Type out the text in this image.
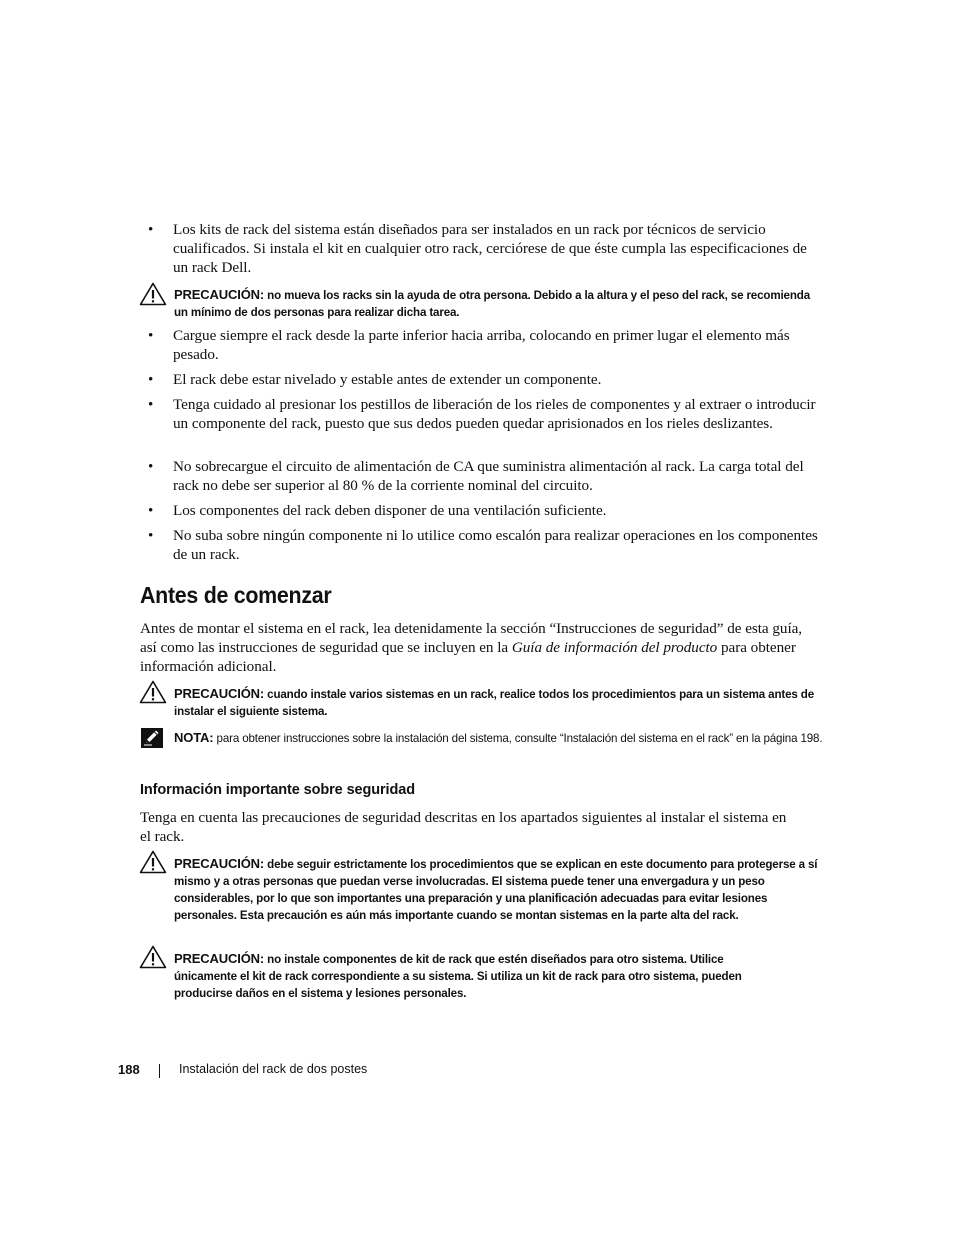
• Los kits de rack del sistema están diseñados para ser instalados en un rack por técnicos de servicio cualificados. Si instala el kit en cualquier otro rack, cerciórese de que éste cumpla las especificaciones de un rack Dell.
PRECAUCIÓN: no mueva los racks sin la ayuda de otra persona. Debido a la altura y el peso del rack, se recomienda un mínimo de dos personas para realizar dicha tarea.
• Cargue siempre el rack desde la parte inferior hacia arriba, colocando en primer lugar el elemento más pesado.
• El rack debe estar nivelado y estable antes de extender un componente.
• Tenga cuidado al presionar los pestillos de liberación de los rieles de componentes y al extraer o introducir un componente del rack, puesto que sus dedos pueden quedar aprisionados en los rieles deslizantes.
• No sobrecargue el circuito de alimentación de CA que suministra alimentación al rack. La carga total del rack no debe ser superior al 80 % de la corriente nominal del circuito.
• Los componentes del rack deben disponer de una ventilación suficiente.
• No suba sobre ningún componente ni lo utilice como escalón para realizar operaciones en los componentes de un rack.
Antes de comenzar
Antes de montar el sistema en el rack, lea detenidamente la sección “Instrucciones de seguridad” de esta guía, así como las instrucciones de seguridad que se incluyen en la Guía de información del producto para obtener información adicional.
PRECAUCIÓN: cuando instale varios sistemas en un rack, realice todos los procedimientos para un sistema antes de instalar el siguiente sistema.
NOTA: para obtener instrucciones sobre la instalación del sistema, consulte “Instalación del sistema en el rack” en la página 198.
Información importante sobre seguridad
Tenga en cuenta las precauciones de seguridad descritas en los apartados siguientes al instalar el sistema en el rack.
PRECAUCIÓN: debe seguir estrictamente los procedimientos que se explican en este documento para protegerse a sí mismo y a otras personas que puedan verse involucradas. El sistema puede tener una envergadura y un peso considerables, por lo que son importantes una preparación y una planificación adecuadas para evitar lesiones personales. Esta precaución es aún más importante cuando se montan sistemas en la parte alta del rack.
PRECAUCIÓN: no instale componentes de kit de rack que estén diseñados para otro sistema. Utilice únicamente el kit de rack correspondiente a su sistema. Si utiliza un kit de rack para otro sistema, pueden producirse daños en el sistema y lesiones personales.
188	Instalación del rack de dos postes
